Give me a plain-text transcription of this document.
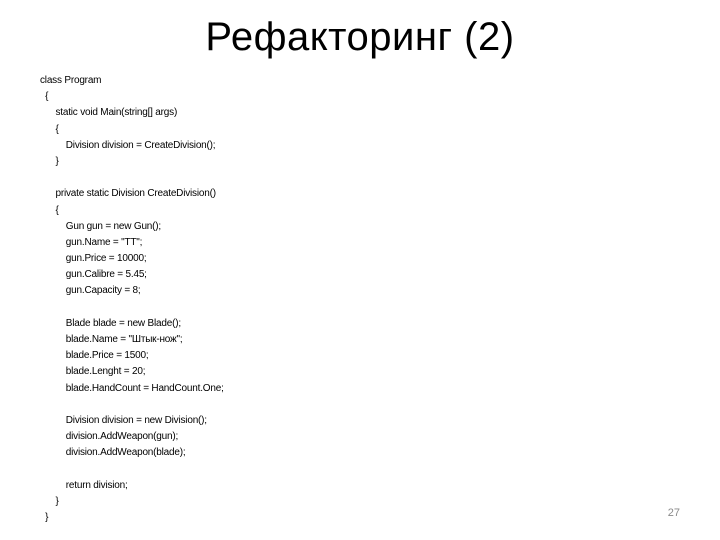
Рефакторинг (2)
class Program
{
static void Main(string[] args)
{
Division division = CreateDivision();
}
private static Division CreateDivision()
{
Gun gun = new Gun();
gun.Name = "TT";
gun.Price = 10000;
gun.Calibre = 5.45;
gun.Capacity = 8;
Blade blade = new Blade();
blade.Name = "Штык-нож";
blade.Price = 1500;
blade.Lenght = 20;
blade.HandCount = HandCount.One;
Division division = new Division();
division.AddWeapon(gun);
division.AddWeapon(blade);
return division;
}
}	27
